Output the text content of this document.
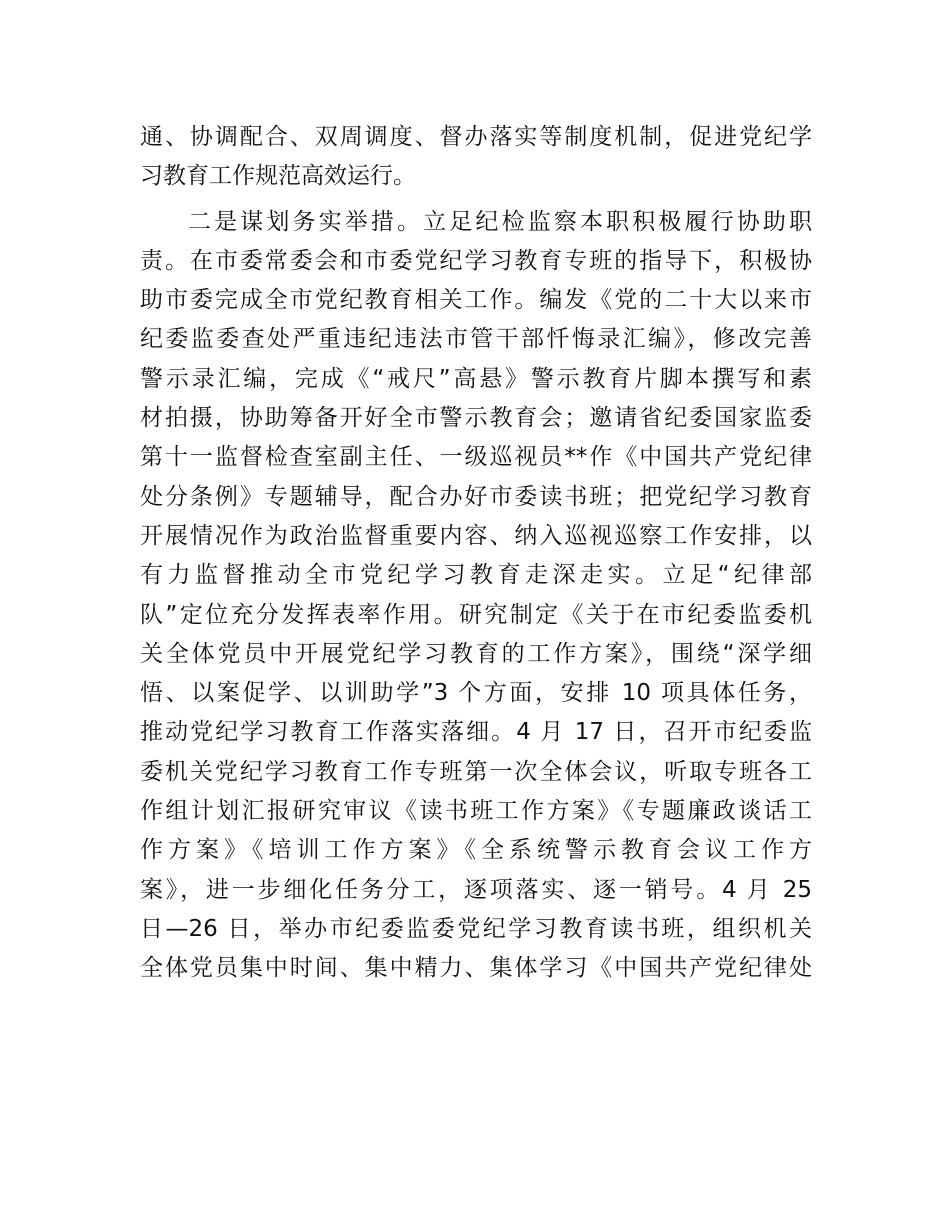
通、协调配合、双周调度、督办落实等制度机制，促进党纪学
习教育工作规范高效运行。
二是谋划务实举措。立足纪检监察本职积极履行协助职
责。在市委常委会和市委党纪学习教育专班的指导下，积极协
助市委完成全市党纪教育相关工作。编发《党的二十大以来市
纪委监委查处严重违纪违法市管干部忏悔录汇编》，修改完善
警示录汇编，完成《“戒尺”高悬》警示教育片脚本撰写和素
材拍摄，协助筹备开好全市警示教育会；邀请省纪委国家监委
第十一监督检查室副主任、一级巡视员**作《中国共产党纪律
处分条例》专题辅导，配合办好市委读书班；把党纪学习教育
开展情况作为政治监督重要内容、纳入巡视巡察工作安排，以
有力监督推动全市党纪学习教育走深走实。立足“纪律部
队”定位充分发挥表率作用。研究制定《关于在市纪委监委机
关全体党员中开展党纪学习教育的工作方案》，围绕“深学细
悟、以案促学、以训助学”3 个方面，安排 10 项具体任务，
推动党纪学习教育工作落实落细。4 月 17 日，召开市纪委监
委机关党纪学习教育工作专班第一次全体会议，听取专班各工
作组计划汇报研究审议《读书班工作方案》《专题廉政谈话工
作方案》《培训工作方案》《全系统警示教育会议工作方
案》，进一步细化任务分工，逐项落实、逐一销号。4 月 25
日—26 日，举办市纪委监委党纪学习教育读书班，组织机关
全体党员集中时间、集中精力、集体学习《中国共产党纪律处
